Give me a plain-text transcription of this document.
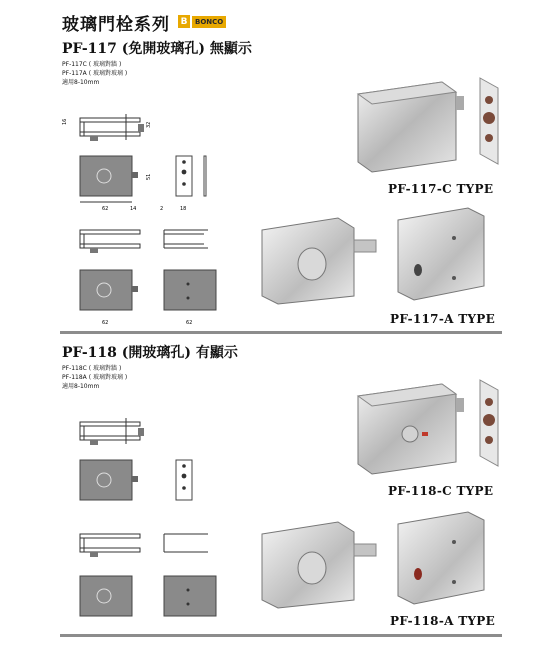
玻璃門栓系列 B	BONCO
PF-117 (免開玻璃孔) 無顯示
PF-117C ( 玻璃對牆 )
PF-117A ( 玻璃對玻璃 )
適用8-10mm
16	32
62	14
51
2	18
62	62
PF-117-C TYPE
PF-117-A TYPE
PF-118 (開玻璃孔) 有顯示
PF-118C ( 玻璃對牆 )
PF-118A ( 玻璃對玻璃 )
適用8-10mm
PF-118-C TYPE
PF-118-A TYPE
